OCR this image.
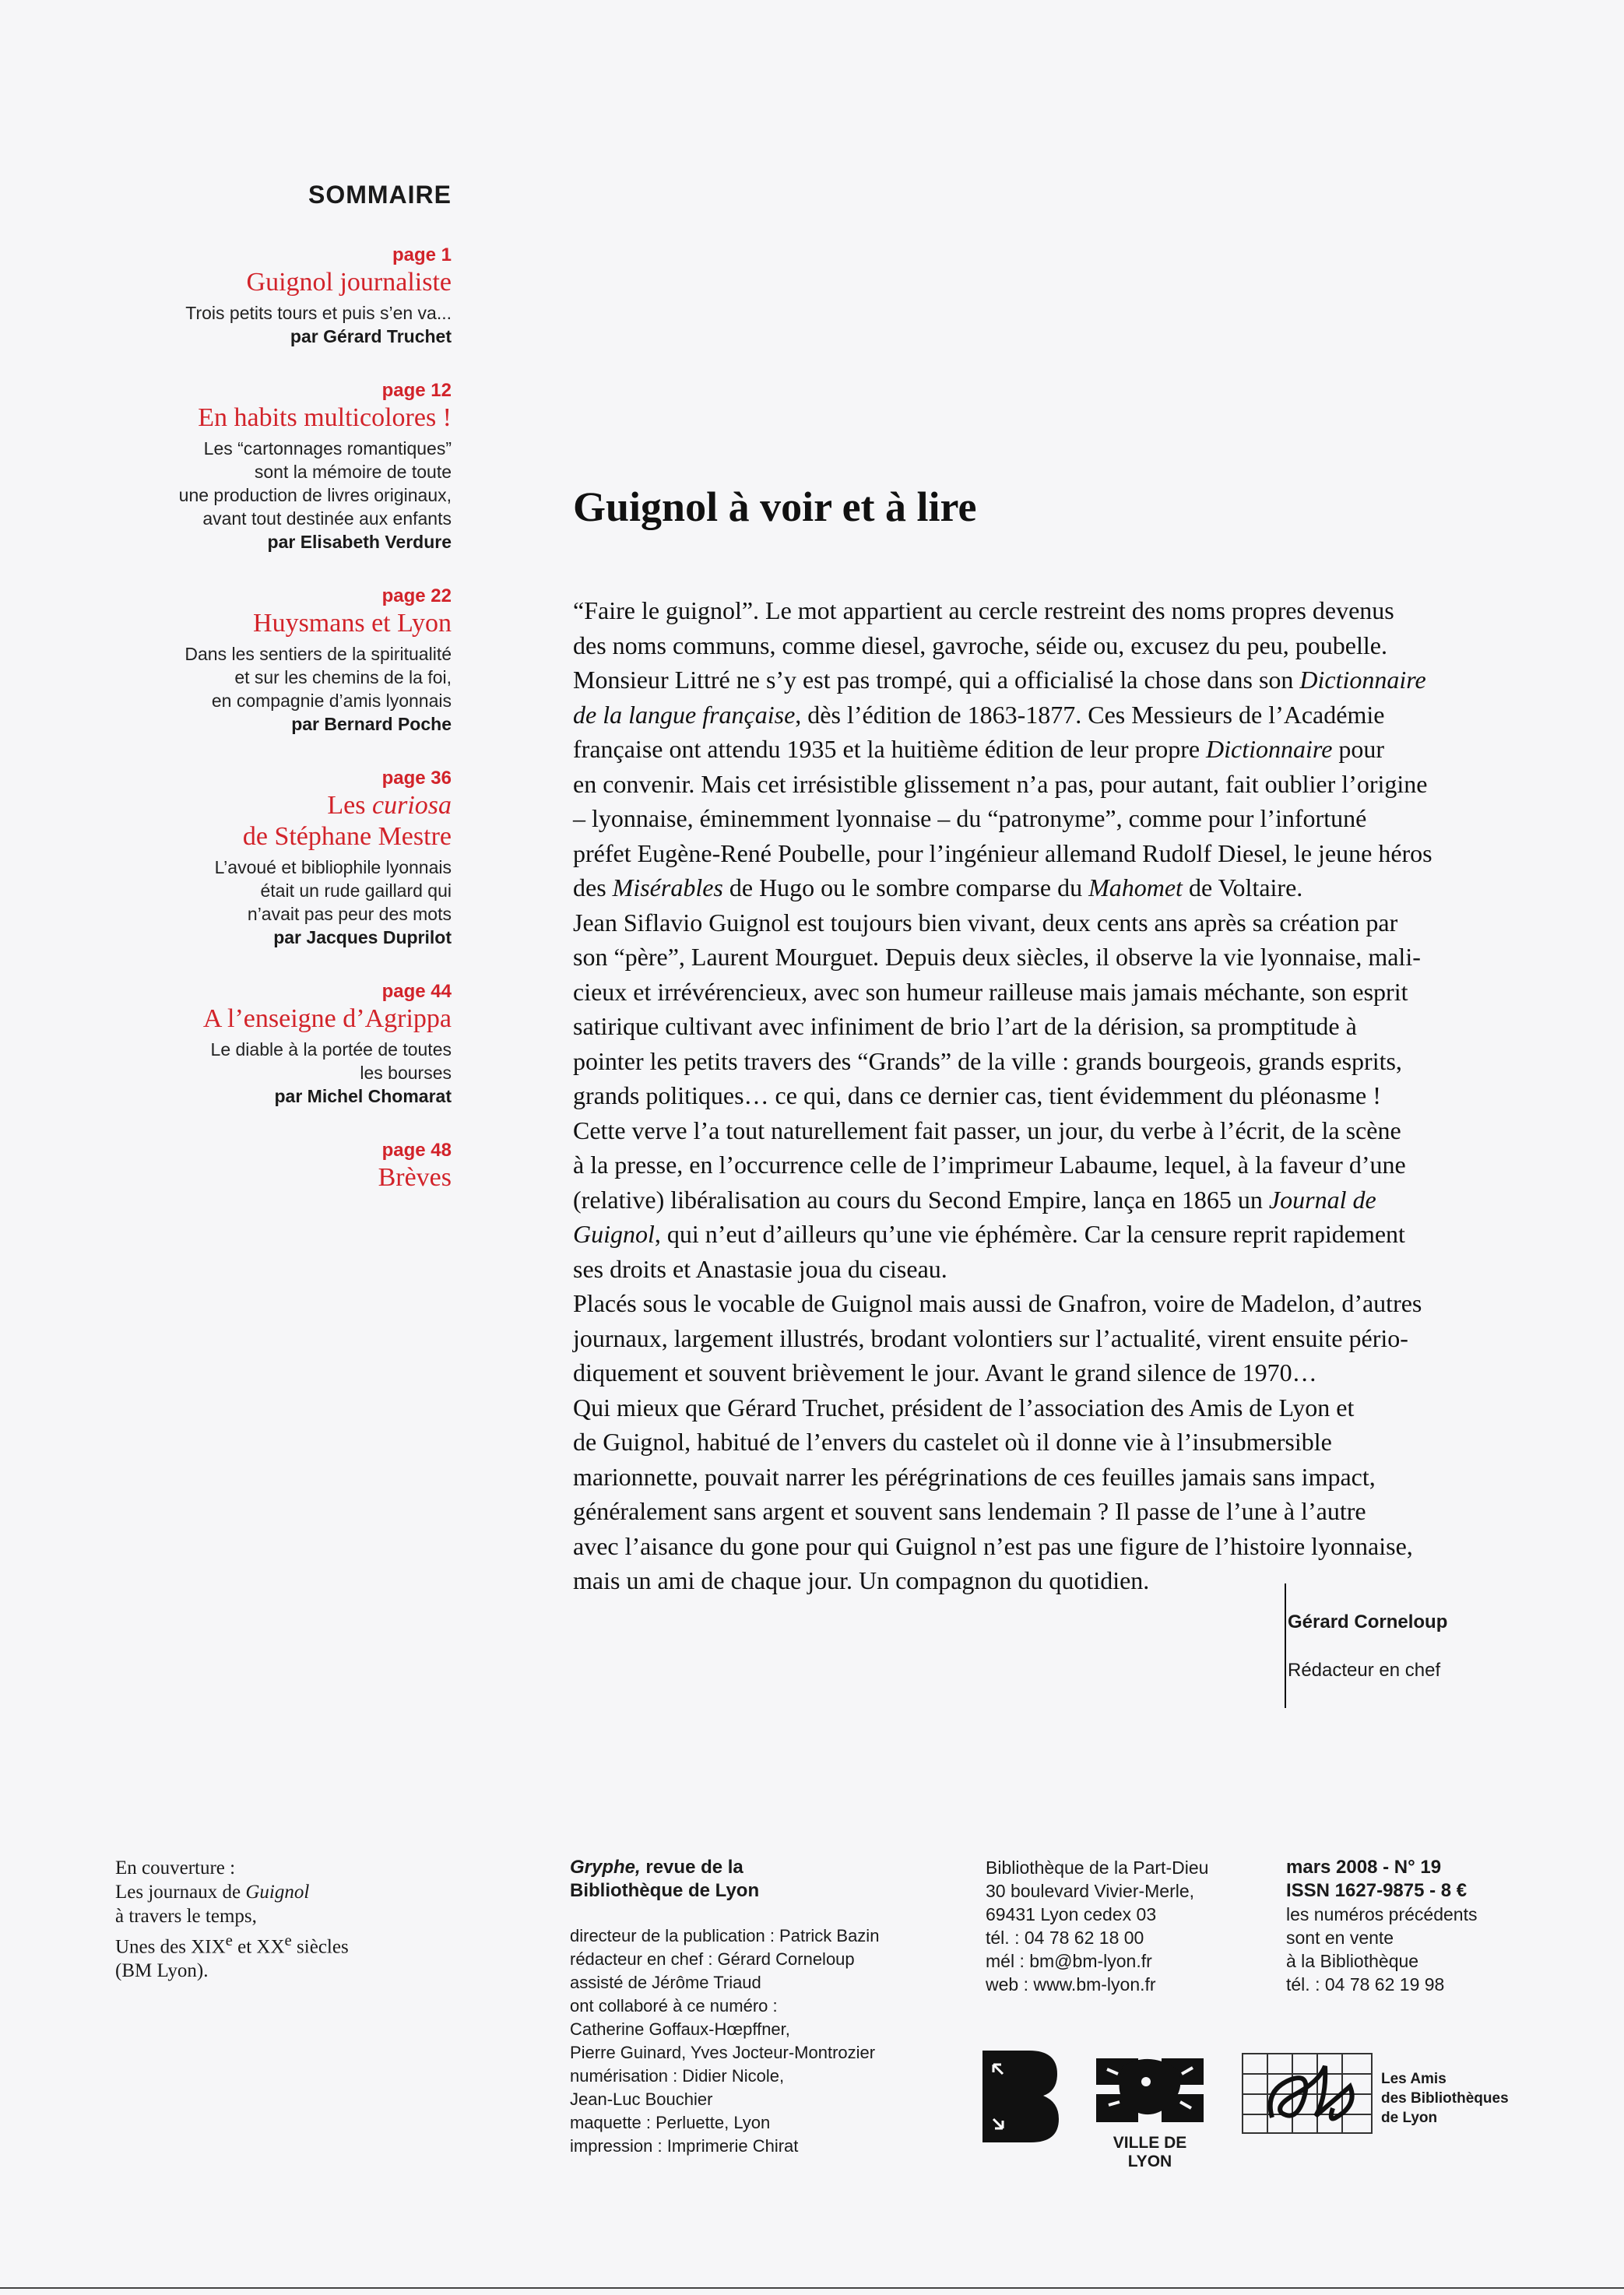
SOMMAIRE
page 1
Guignol journaliste
Trois petits tours et puis s’en va...
par Gérard Truchet
page 12
En habits multicolores !
Les “cartonnages romantiques”
sont la mémoire de toute
une production de livres originaux,
avant tout destinée aux enfants
par Elisabeth Verdure
page 22
Huysmans et Lyon
Dans les sentiers de la spiritualité
et sur les chemins de la foi,
en compagnie d’amis lyonnais
par Bernard Poche
page 36
Les curiosa
de Stéphane Mestre
L’avoué et bibliophile lyonnais
était un rude gaillard qui
n’avait pas peur des mots
par Jacques Duprilot
page 44
A l’enseigne d’Agrippa
Le diable à la portée de toutes
les bourses
par Michel Chomarat
page 48
Brèves
Guignol à voir et à lire

“Faire le guignol”. Le mot appartient au cercle restreint des noms propres devenus
des noms communs, comme diesel, gavroche, séide ou, excusez du peu, poubelle.
Monsieur Littré ne s’y est pas trompé, qui a officialisé la chose dans son Dictionnaire
de la langue française, dès l’édition de 1863-1877. Ces Messieurs de l’Académie
française ont attendu 1935 et la huitième édition de leur propre Dictionnaire pour
en convenir. Mais cet irrésistible glissement n’a pas, pour autant, fait oublier l’origine
– lyonnaise, éminemment lyonnaise – du “patronyme”, comme pour l’infortuné
préfet Eugène-René Poubelle, pour l’ingénieur allemand Rudolf Diesel, le jeune héros
des Misérables de Hugo ou le sombre comparse du Mahomet de Voltaire.

Jean Siflavio Guignol est toujours bien vivant, deux cents ans après sa création par
son “père”, Laurent Mourguet. Depuis deux siècles, il observe la vie lyonnaise, mali-
cieux et irrévérencieux, avec son humeur railleuse mais jamais méchante, son esprit
satirique cultivant avec infiniment de brio l’art de la dérision, sa promptitude à
pointer les petits travers des “Grands” de la ville : grands bourgeois, grands esprits,
grands politiques… ce qui, dans ce dernier cas, tient évidemment du pléonasme !
Cette verve l’a tout naturellement fait passer, un jour, du verbe à l’écrit, de la scène
à la presse, en l’occurrence celle de l’imprimeur Labaume, lequel, à la faveur d’une
(relative) libéralisation au cours du Second Empire, lança en 1865 un Journal de
Guignol, qui n’eut d’ailleurs qu’une vie éphémère. Car la censure reprit rapidement
ses droits et Anastasie joua du ciseau.

Placés sous le vocable de Guignol mais aussi de Gnafron, voire de Madelon, d’autres
journaux, largement illustrés, brodant volontiers sur l’actualité, virent ensuite pério-
diquement et souvent brièvement le jour. Avant le grand silence de 1970…

Qui mieux que Gérard Truchet, président de l’association des Amis de Lyon et
de Guignol, habitué de l’envers du castelet où il donne vie à l’insubmersible
marionnette, pouvait narrer les pérégrinations de ces feuilles jamais sans impact,
généralement sans argent et souvent sans lendemain ? Il passe de l’une à l’autre
avec l’aisance du gone pour qui Guignol n’est pas une figure de l’histoire lyonnaise,
mais un ami de chaque jour. Un compagnon du quotidien.

Gérard Corneloup
Rédacteur en chef
En couverture :
Les journaux de Guignol
à travers le temps,
Unes des XIXe et XXe siècles
(BM Lyon).
Gryphe, revue de la
Bibliothèque de Lyon
directeur de la publication : Patrick Bazin
rédacteur en chef : Gérard Corneloup
assisté de Jérôme Triaud
ont collaboré à ce numéro :
Catherine Goffaux-Hœpffner,
Pierre Guinard, Yves Jocteur-Montrozier
numérisation : Didier Nicole,
Jean-Luc Bouchier
maquette : Perluette, Lyon
impression : Imprimerie Chirat
Bibliothèque de la Part-Dieu
30 boulevard Vivier-Merle,
69431 Lyon cedex 03
tél. : 04 78 62 18 00
mél : bm@bm-lyon.fr
web : www.bm-lyon.fr
mars 2008 - N° 19
ISSN 1627-9875 - 8 €
les numéros précédents
sont en vente
à la Bibliothèque
tél. : 04 78 62 19 98
VILLE DE LYON
Les Amis
des Bibliothèques
de Lyon
